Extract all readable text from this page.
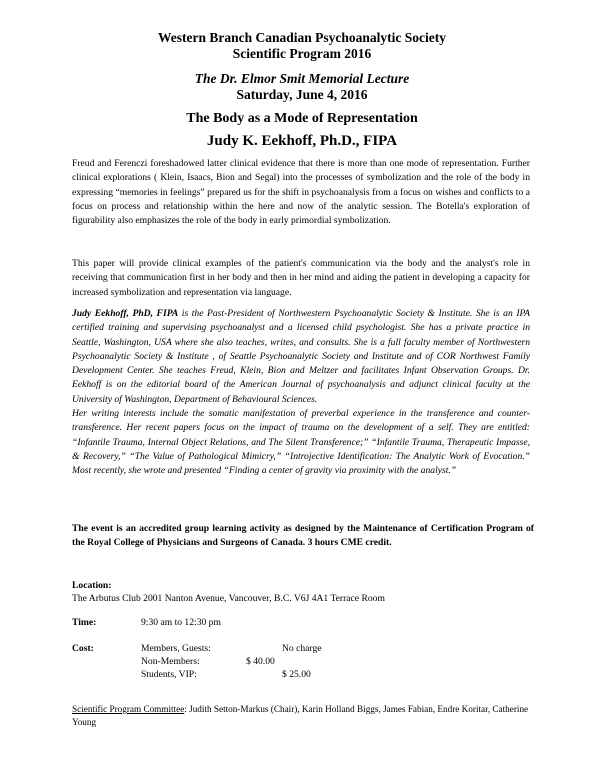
Western Branch Canadian Psychoanalytic Society
Scientific Program 2016
The Dr. Elmor Smit Memorial Lecture
Saturday, June 4, 2016
The Body as a Mode of Representation
Judy K. Eekhoff, Ph.D., FIPA
Freud and Ferenczi foreshadowed latter clinical evidence that there is more than one mode of representation. Further clinical explorations ( Klein, Isaacs, Bion and Segal) into the processes of symbolization and the role of the body in expressing “memories in feelings” prepared us for the shift in psychoanalysis from a focus on wishes and conflicts to a focus on process and relationship within the here and now of the analytic session. The Botella's exploration of figurability also emphasizes the role of the body in early primordial symbolization.
This paper will provide clinical examples of the patient's communication via the body and the analyst's role in receiving that communication first in her body and then in her mind and aiding the patient in developing a capacity for increased symbolization and representation via language.
Judy Eekhoff, PhD, FIPA is the Past-President of Northwestern Psychoanalytic Society & Institute. She is an IPA certified training and supervising psychoanalyst and a licensed child psychologist. She has a private practice in Seattle, Washington, USA where she also teaches, writes, and consults. She is a full faculty member of Northwestern Psychoanalytic Society & Institute , of Seattle Psychoanalytic Society and Institute and of COR Northwest Family Development Center. She teaches Freud, Klein, Bion and Meltzer and facilitates Infant Observation Groups. Dr. Eekhoff is on the editorial board of the American Journal of psychoanalysis and adjunct clinical faculty at the University of Washington, Department of Behavioural Sciences.
Her writing interests include the somatic manifestation of preverbal experience in the transference and counter-transference. Her recent papers focus on the impact of trauma on the development of a self. They are entitled: “Infantile Trauma, Internal Object Relations, and The Silent Transference;” “Infantile Trauma, Therapeutic Impasse, & Recovery,” “The Value of Pathological Mimicry,” “Introjective Identification: The Analytic Work of Evocation.” Most recently, she wrote and presented “Finding a center of gravity via proximity with the analyst.”
The event is an accredited group learning activity as designed by the Maintenance of Certification Program of the Royal College of Physicians and Surgeons of Canada. 3 hours CME credit.
Location:
The Arbutus Club 2001 Nanton Avenue, Vancouver, B.C. V6J 4A1 Terrace Room
Time:	9:30 am to 12:30 pm
Cost:	Members, Guests:	No charge
Non-Members:	$ 40.00
Students, VIP:	$ 25.00
Scientific Program Committee: Judith Setton-Markus (Chair), Karin Holland Biggs, James Fabian, Endre Koritar, Catherine Young
